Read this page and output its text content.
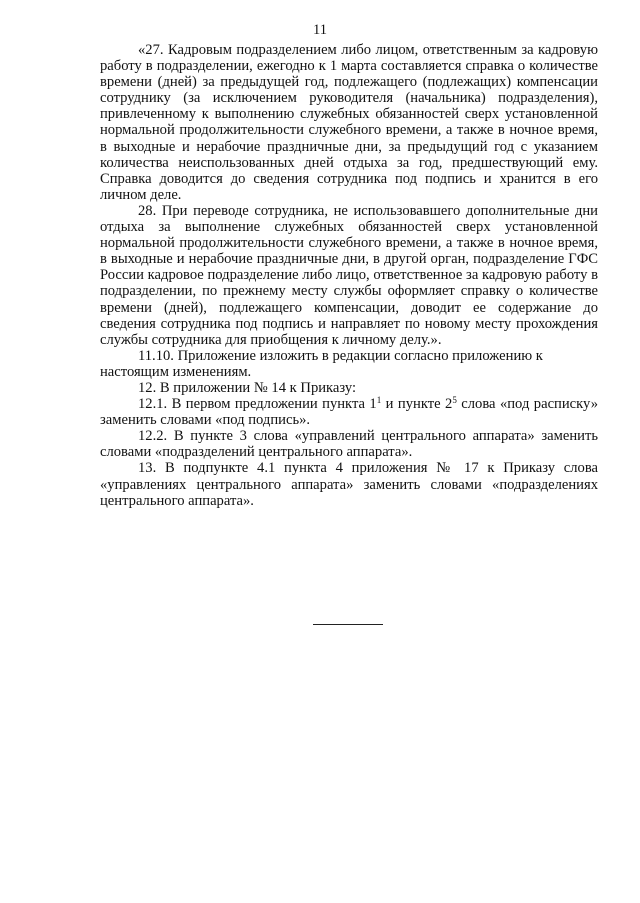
11

«27. Кадровым подразделением либо лицом, ответственным за кадровую работу в подразделении, ежегодно к 1 марта составляется справка о количестве времени (дней) за предыдущей год, подлежащего (подлежащих) компенсации сотруднику (за исключением руководителя (начальника) подразделения), привлеченному к выполнению служебных обязанностей сверх установленной нормальной продолжительности служебного времени, а также в ночное время, в выходные и нерабочие праздничные дни, за предыдущий год с указанием количества неиспользованных дней отдыха за год, предшествующий ему. Справка доводится до сведения сотрудника под подпись и хранится в его личном деле.

28. При переводе сотрудника, не использовавшего дополнительные дни отдыха за выполнение служебных обязанностей сверх установленной нормальной продолжительности служебного времени, а также в ночное время, в выходные и нерабочие праздничные дни, в другой орган, подразделение ГФС России кадровое подразделение либо лицо, ответственное за кадровую работу в подразделении, по прежнему месту службы оформляет справку о количестве времени (дней), подлежащего компенсации, доводит ее содержание до сведения сотрудника под подпись и направляет по новому месту прохождения службы сотрудника для приобщения к личному делу.».

11.10. Приложение изложить в редакции согласно приложению к настоящим изменениям.

12. В приложении № 14 к Приказу:

12.1. В первом предложении пункта $1^1$ и пункте $2^5$ слова «под расписку» заменить словами «под подпись».

12.2. В пункте 3 слова «управлений центрального аппарата» заменить словами «подразделений центрального аппарата».

13. В подпункте 4.1 пункта 4 приложения № 17 к Приказу слова «управлениях центрального аппарата» заменить словами «подразделениях центрального аппарата».
